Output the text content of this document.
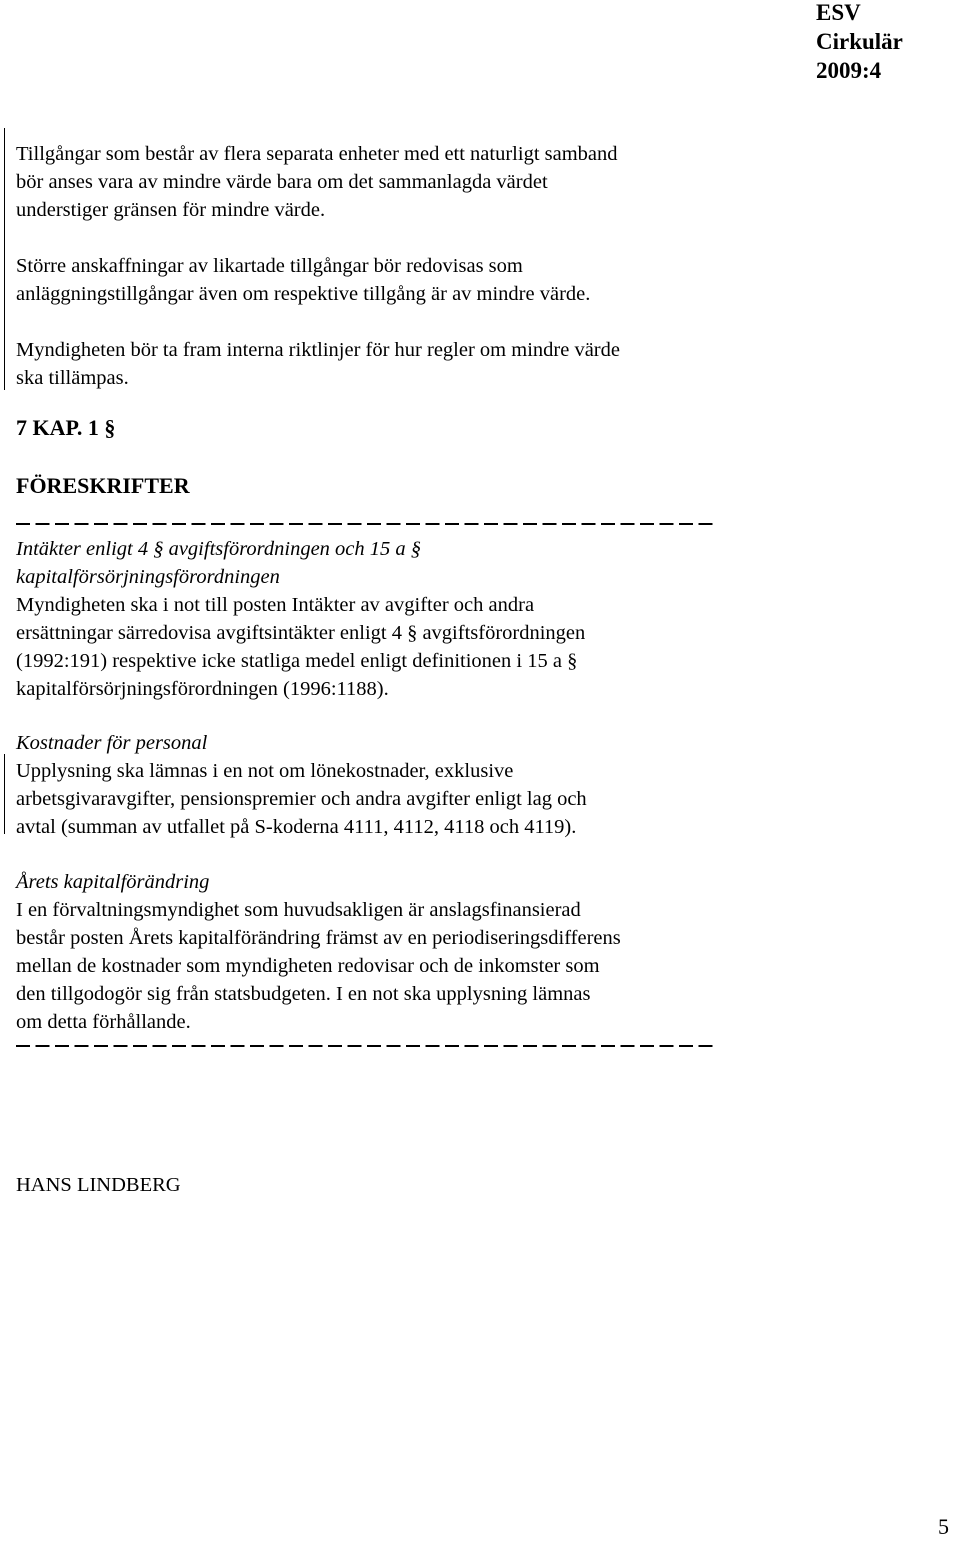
ESV
Cirkulär
2009:4

Tillgångar som består av flera separata enheter med ett naturligt samband

bör anses vara av mindre värde bara om det sammanlagda värdet

understiger gränsen för mindre värde.

Större anskaffningar av likartade tillgångar bör redovisas som

anläggningstillgångar även om respektive tillgång är av mindre värde.

Myndigheten bör ta fram interna riktlinjer för hur regler om mindre värde

ska tillämpas.

7 KAP. 1 §
FÖRESKRIFTER

Intäkter enligt 4 § avgiftsförordningen och 15 a §

kapitalförsörjningsförordningen

Myndigheten ska i not till posten Intäkter av avgifter och andra

ersättningar särredovisa avgiftsintäkter enligt 4 § avgiftsförordningen

(1992:191) respektive icke statliga medel enligt definitionen i 15 a §

kapitalförsörjningsförordningen (1996:1188).

Kostnader för personal

Upplysning ska lämnas i en not om lönekostnader, exklusive

arbetsgivaravgifter, pensionspremier och andra avgifter enligt lag och

avtal (summan av utfallet på S-koderna 4111, 4112, 4118 och 4119).

Årets kapitalförändring

I en förvaltningsmyndighet som huvudsakligen är anslagsfinansierad

består posten Årets kapitalförändring främst av en periodiseringsdifferens

mellan de kostnader som myndigheten redovisar och de inkomster som

den tillgodogör sig från statsbudgeten. I en not ska upplysning lämnas

om detta förhållande.

HANS LINDBERG
5
